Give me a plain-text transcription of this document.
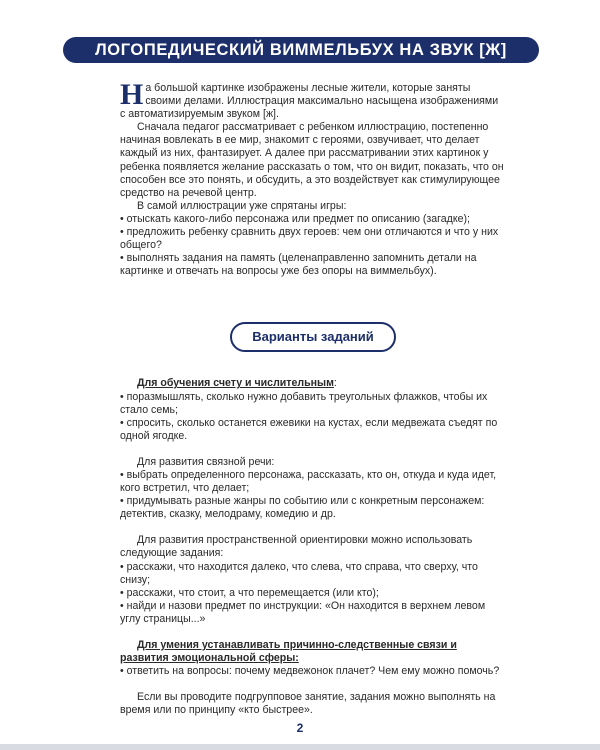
ЛОГОПЕДИЧЕСКИЙ ВИММЕЛЬБУХ НА ЗВУК [Ж]

На большой картинке изображены лесные жители, которые заняты своими делами. Иллюстрация максимально насыщена изображениями с автоматизируемым звуком [ж].

Сначала педагог рассматривает с ребенком иллюстрацию, постепенно начиная вовлекать в ее мир, знакомит с героями, озвучивает, что делает каждый из них, фантазирует. А далее при рассматривании этих картинок у ребенка появляется желание рассказать о том, что он видит, показать, что он способен все это понять, и обсудить, а это воздействует как стимулирующее средство на речевой центр.

В самой иллюстрации уже спрятаны игры:

• отыскать какого-либо персонажа или предмет по описанию (загадке);

• предложить ребенку сравнить двух героев: чем они отличаются и что у них общего?

• выполнять задания на память (целенаправленно запомнить детали на картинке и отвечать на вопросы уже без опоры на виммельбух).

Варианты заданий

Для обучения счету и числительным:

• поразмышлять, сколько нужно добавить треугольных флажков, чтобы их стало семь;

• спросить, сколько останется ежевики на кустах, если медвежата съедят по одной ягодке.

Для развития связной речи:

• выбрать определенного персонажа, рассказать, кто он, откуда и куда идет, кого встретил, что делает;

• придумывать разные жанры по событию или с конкретным персонажем: детектив, сказку, мелодраму, комедию и др.

Для развития пространственной ориентировки можно использовать следующие задания:

• расскажи, что находится далеко, что слева, что справа, что сверху, что снизу;

• расскажи, что стоит, а что перемещается (или кто);

• найди и назови предмет по инструкции: «Он находится в верхнем левом углу страницы...»

Для умения устанавливать причинно-следственные связи и развития эмоциональной сферы:

• ответить на вопросы: почему медвежонок плачет? Чем ему можно помочь?

Если вы проводите подгрупповое занятие, задания можно выполнять на время или по принципу «кто быстрее».

2
